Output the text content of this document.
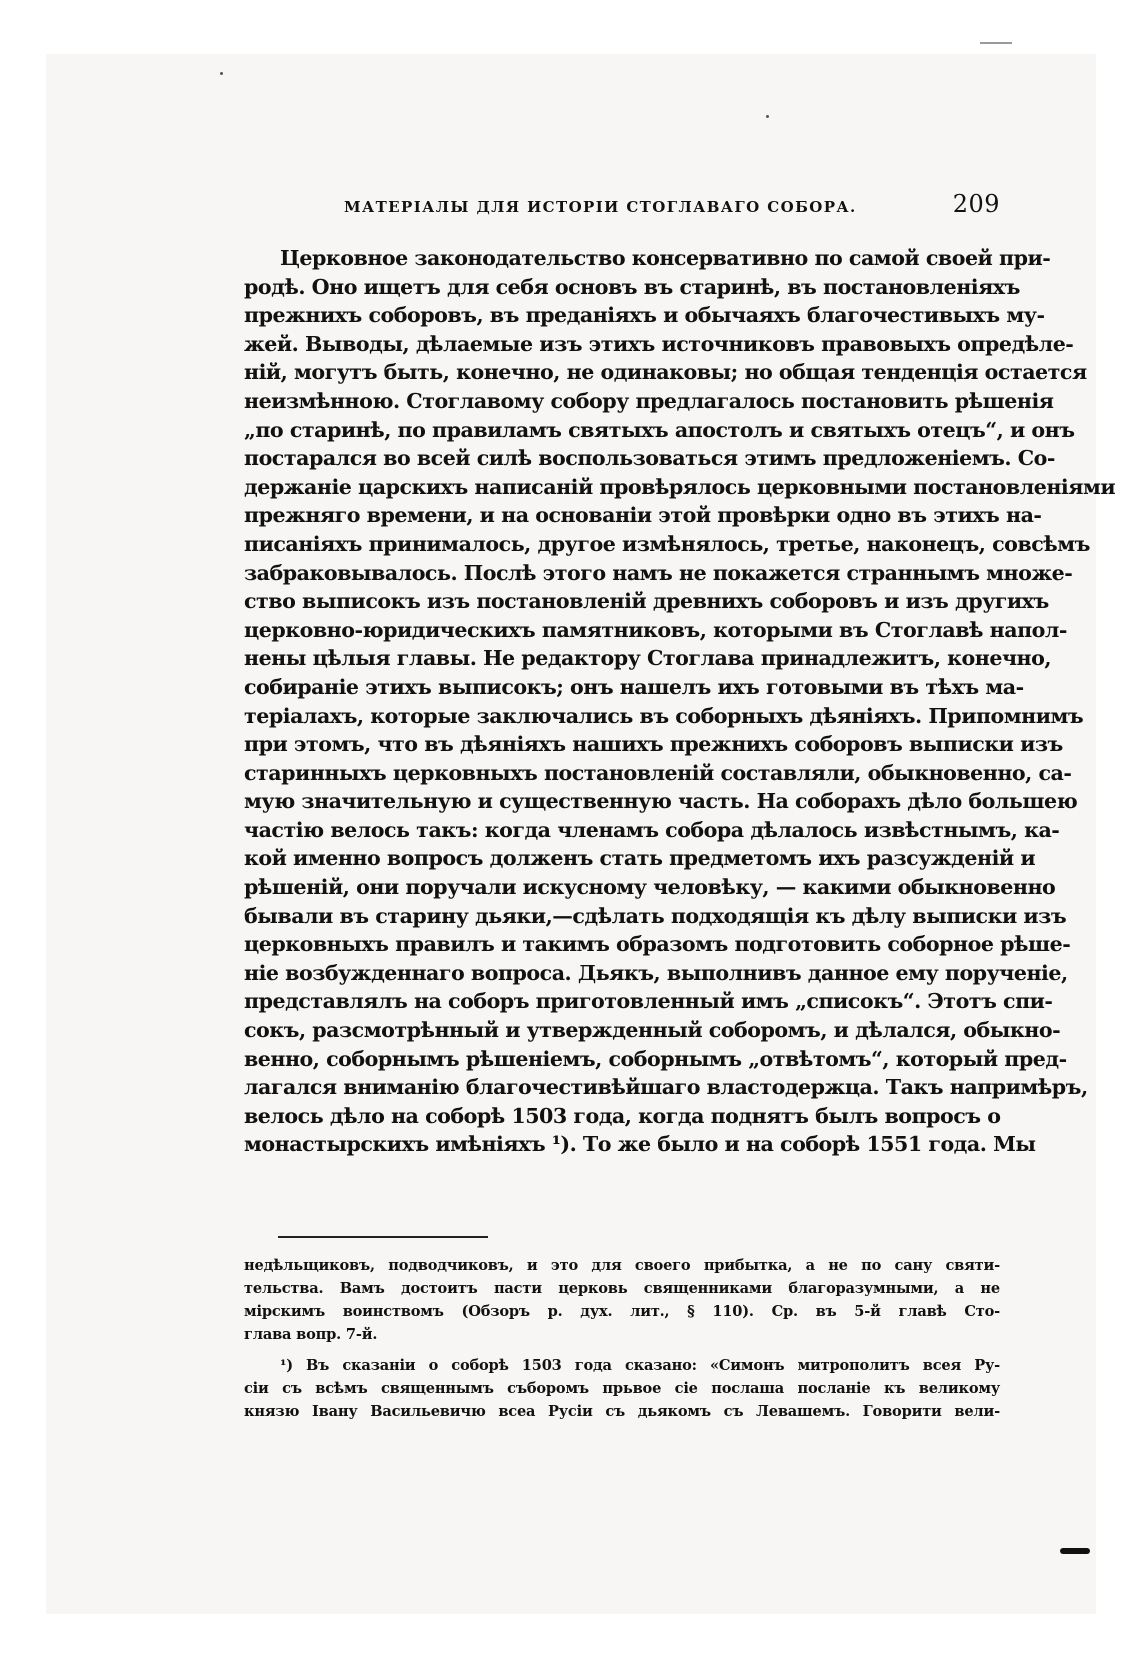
МАТЕРІАЛЫ ДЛЯ ИСТОРІИ СТОГЛАВАГО СОБОРА.	209
Церковное законодательство консервативно по самой своей при-
родѣ. Оно ищетъ для себя основъ въ старинѣ, въ постановленіяхъ
прежнихъ соборовъ, въ преданіяхъ и обычаяхъ благочестивыхъ му-
жей. Выводы, дѣлаемые изъ этихъ источниковъ правовыхъ опредѣле-
ній, могутъ быть, конечно, не одинаковы; но общая тенденція остается
неизмѣнною. Стоглавому собору предлагалось постановить рѣшенія
„по старинѣ, по правиламъ святыхъ апостолъ и святыхъ отецъ“, и онъ
постарался во всей силѣ воспользоваться этимъ предложеніемъ. Со-
держаніе царскихъ написаній провѣрялось церковными постановленіями
прежняго времени, и на основаніи этой провѣрки одно въ этихъ на-
писаніяхъ принималось, другое измѣнялось, третье, наконецъ, совсѣмъ
забраковывалось. Послѣ этого намъ не покажется страннымъ множе-
ство выписокъ изъ постановленій древнихъ соборовъ и изъ другихъ
церковно-юридическихъ памятниковъ, которыми въ Стоглавѣ напол-
нены цѣлыя главы. Не редактору Стоглава принадлежитъ, конечно,
собираніе этихъ выписокъ; онъ нашелъ ихъ готовыми въ тѣхъ ма-
теріалахъ, которые заключались въ соборныхъ дѣяніяхъ. Припомнимъ
при этомъ, что въ дѣяніяхъ нашихъ прежнихъ соборовъ выписки изъ
старинныхъ церковныхъ постановленій составляли, обыкновенно, са-
мую значительную и существенную часть. На соборахъ дѣло большею
частію велось такъ: когда членамъ собора дѣлалось извѣстнымъ, ка-
кой именно вопросъ долженъ стать предметомъ ихъ разсужденій и
рѣшеній, они поручали искусному человѣку, — какими обыкновенно
бывали въ старину дьяки,—сдѣлать подходящія къ дѣлу выписки изъ
церковныхъ правилъ и такимъ образомъ подготовить соборное рѣше-
ніе возбужденнаго вопроса. Дьякъ, выполнивъ данное ему порученіе,
представлялъ на соборъ приготовленный имъ „списокъ“. Этотъ спи-
сокъ, разсмотрѣнный и утвержденный соборомъ, и дѣлался, обыкно-
венно, соборнымъ рѣшеніемъ, соборнымъ „отвѣтомъ“, который пред-
лагался вниманію благочестивѣйшаго властодержца. Такъ напримѣръ,
велось дѣло на соборѣ 1503 года, когда поднятъ былъ вопросъ о
монастырскихъ имѣніяхъ ¹). То же было и на соборѣ 1551 года. Мы
недѣльщиковъ, подводчиковъ, и это для своего прибытка, а не по сану святи-
тельства. Вамъ достоитъ пасти церковь священниками благоразумными, а не
мірскимъ воинствомъ (Обзоръ р. дух. лит., § 110). Ср. въ 5-й главѣ Сто-
глава вопр. 7-й.
¹) Въ сказаніи о соборѣ 1503 года сказано: «Симонъ митрополитъ всея Ру-
сіи съ всѣмъ священнымъ съборомъ прьвое сіе послаша посланіе къ великому
князю Івану Васильевичю всеа Русіи съ дьякомъ съ Левашемъ. Говорити вели-
